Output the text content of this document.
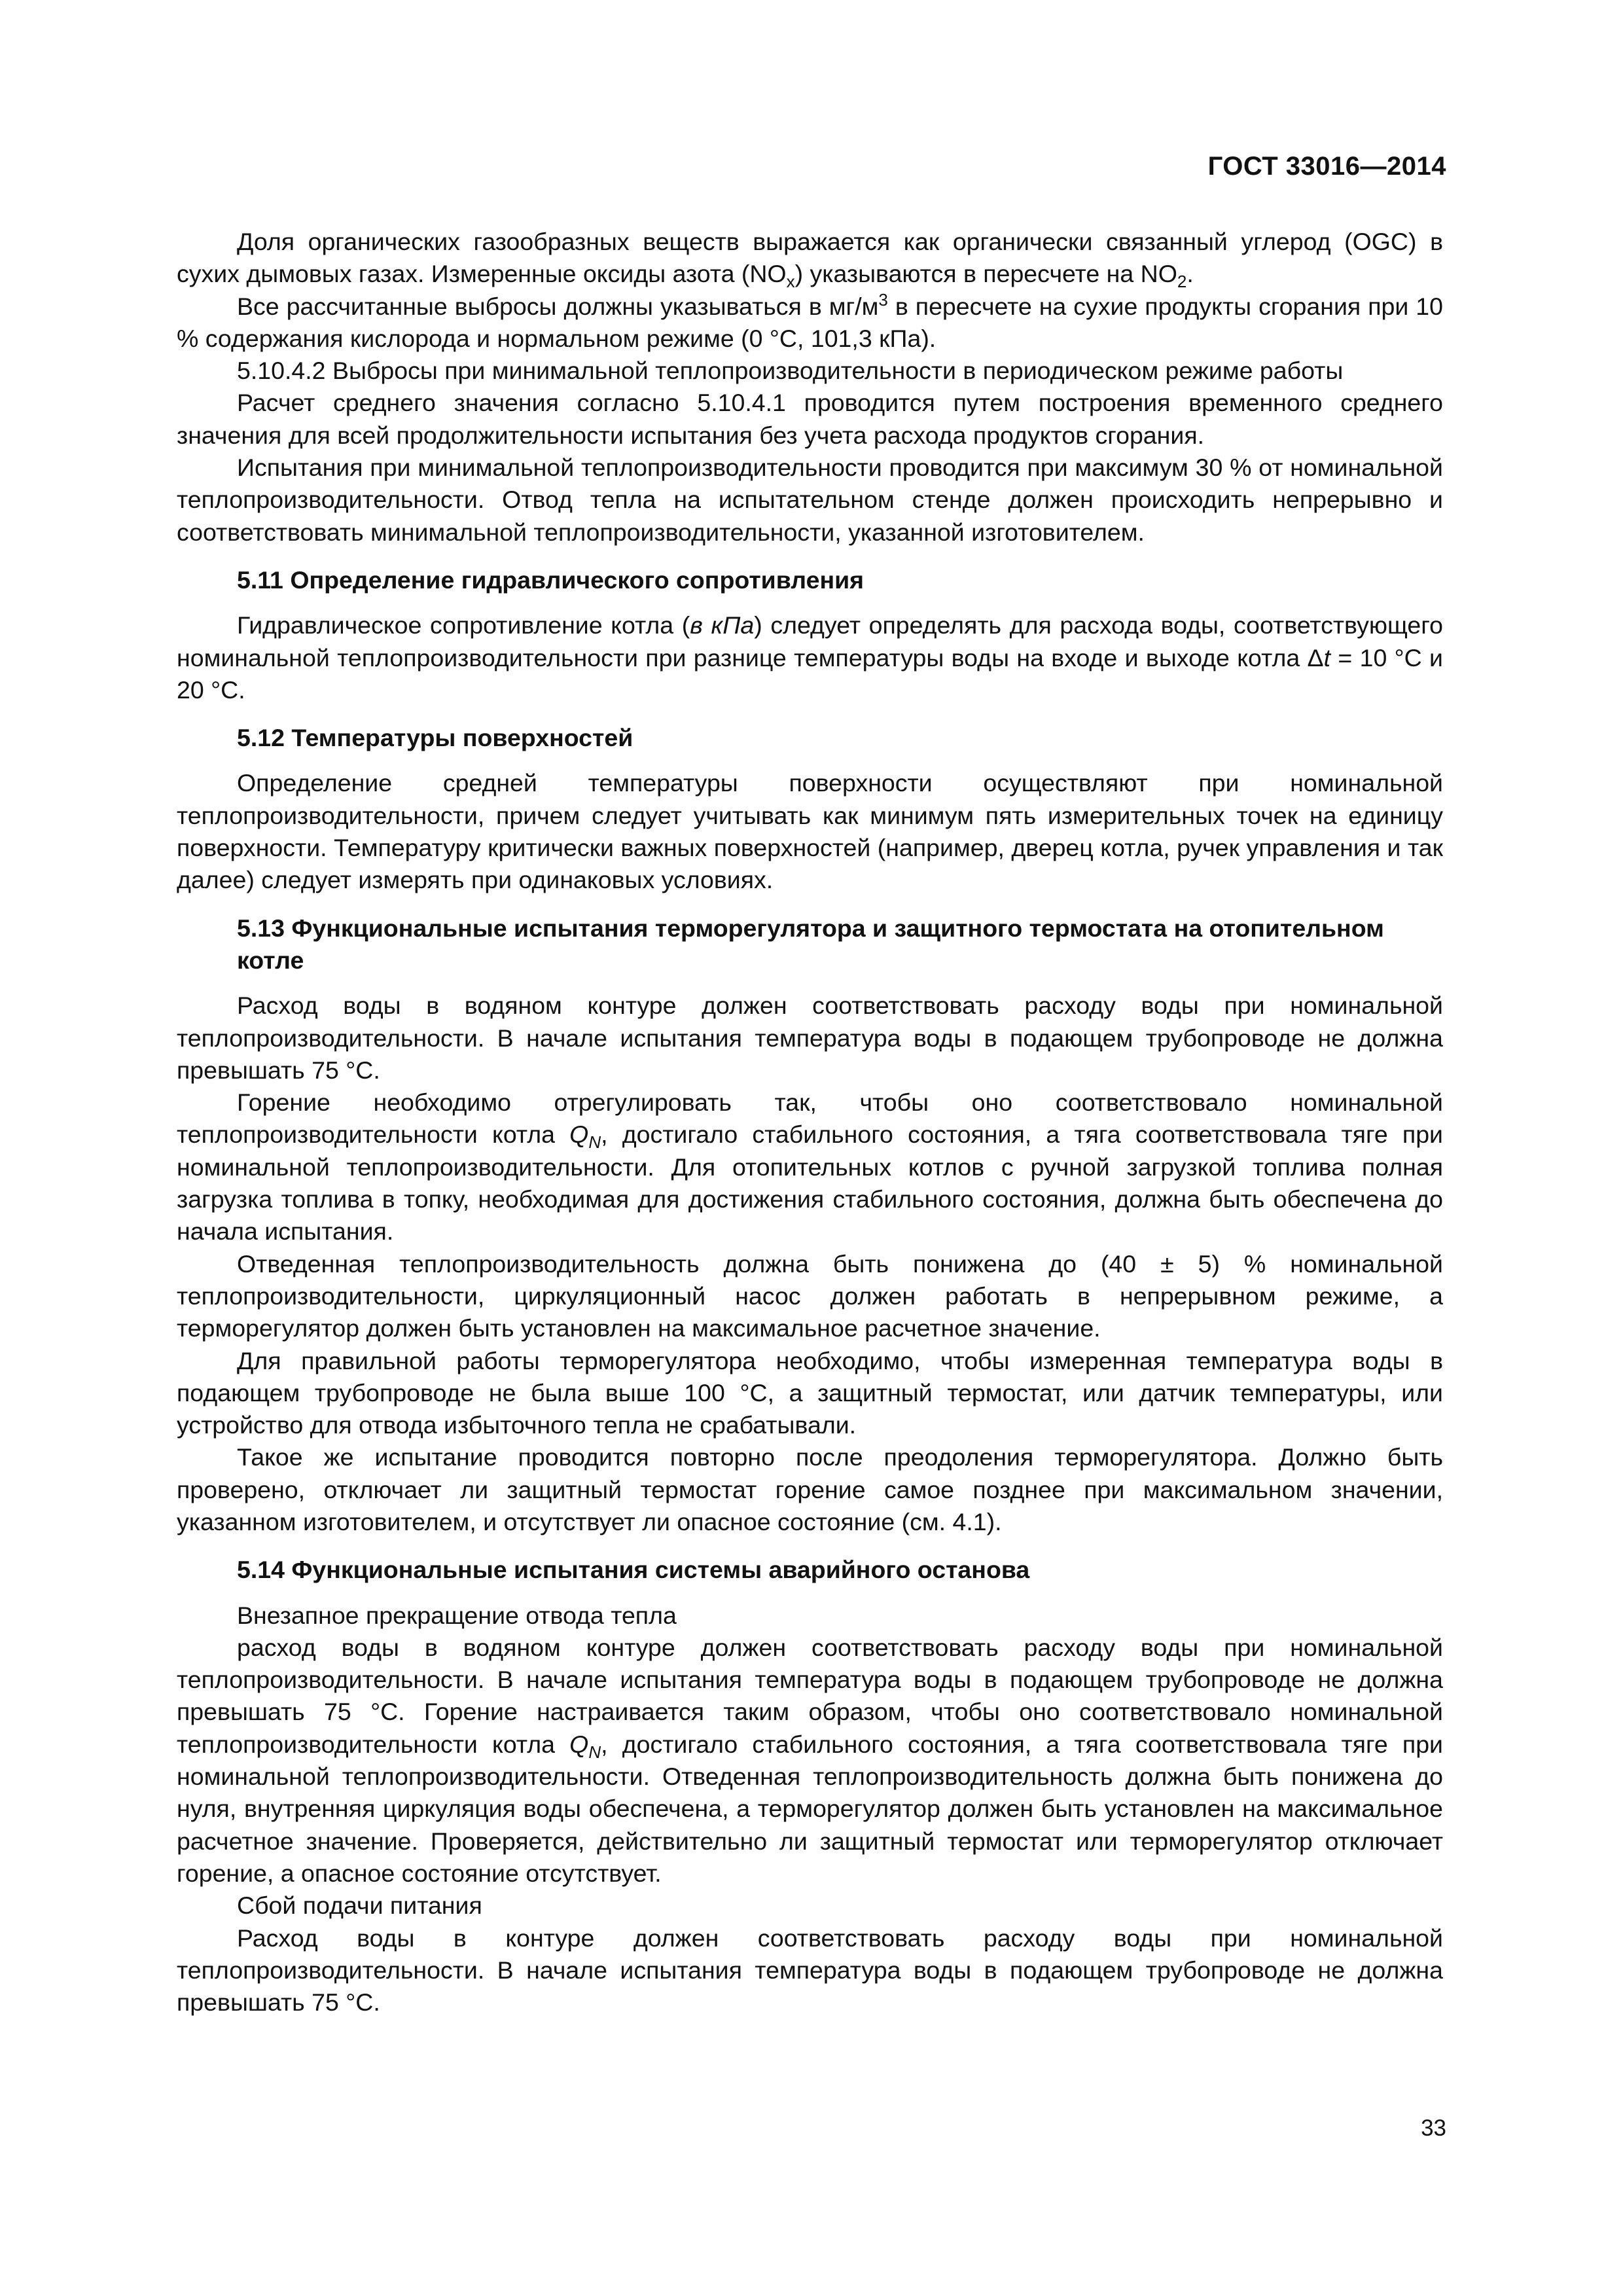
ГОСТ 33016—2014

Доля органических газообразных веществ выражается как органически связанный углерод (OGC) в сухих дымовых газах. Измеренные оксиды азота $(NO_x)$ указываются в пересчете на $NO_2$.

Все рассчитанные выбросы должны указываться в $мг/м^3$ в пересчете на сухие продукты сгорания при 10 % содержания кислорода и нормальном режиме (0 °С, 101,3 кПа).

5.10.4.2 Выбросы при минимальной теплопроизводительности в периодическом режиме работы

Расчет среднего значения согласно 5.10.4.1 проводится путем построения временного среднего значения для всей продолжительности испытания без учета расхода продуктов сгорания.

Испытания при минимальной теплопроизводительности проводится при максимум 30 % от номинальной теплопроизводительности. Отвод тепла на испытательном стенде должен происходить непрерывно и соответствовать минимальной теплопроизводительности, указанной изготовителем.

5.11 Определение гидравлического сопротивления

Гидравлическое сопротивление котла (в кПа) следует определять для расхода воды, соответствующего номинальной теплопроизводительности при разнице температуры воды на входе и выходе котла Δt = 10 °С и 20 °С.

5.12 Температуры поверхностей

Определение средней температуры поверхности осуществляют при номинальной теплопроизводительности, причем следует учитывать как минимум пять измерительных точек на единицу поверхности. Температуру критически важных поверхностей (например, дверец котла, ручек управления и так далее) следует измерять при одинаковых условиях.

5.13 Функциональные испытания терморегулятора и защитного термостата на отопительном котле

Расход воды в водяном контуре должен соответствовать расходу воды при номинальной теплопроизводительности. В начале испытания температура воды в подающем трубопроводе не должна превышать 75 °С.

Горение необходимо отрегулировать так, чтобы оно соответствовало номинальной теплопроизводительности котла $Q_N$, достигало стабильного состояния, а тяга соответствовала тяге при номинальной теплопроизводительности. Для отопительных котлов с ручной загрузкой топлива полная загрузка топлива в топку, необходимая для достижения стабильного состояния, должна быть обеспечена до начала испытания.

Отведенная теплопроизводительность должна быть понижена до (40 ± 5) % номинальной теплопроизводительности, циркуляционный насос должен работать в непрерывном режиме, а терморегулятор должен быть установлен на максимальное расчетное значение.

Для правильной работы терморегулятора необходимо, чтобы измеренная температура воды в подающем трубопроводе не была выше 100 °С, а защитный термостат, или датчик температуры, или устройство для отвода избыточного тепла не срабатывали.

Такое же испытание проводится повторно после преодоления терморегулятора. Должно быть проверено, отключает ли защитный термостат горение самое позднее при максимальном значении, указанном изготовителем, и отсутствует ли опасное состояние (см. 4.1).

5.14 Функциональные испытания системы аварийного останова

Внезапное прекращение отвода тепла

расход воды в водяном контуре должен соответствовать расходу воды при номинальной теплопроизводительности. В начале испытания температура воды в подающем трубопроводе не должна превышать 75 °С. Горение настраивается таким образом, чтобы оно соответствовало номинальной теплопроизводительности котла $Q_N$, достигало стабильного состояния, а тяга соответствовала тяге при номинальной теплопроизводительности. Отведенная теплопроизводительность должна быть понижена до нуля, внутренняя циркуляция воды обеспечена, а терморегулятор должен быть установлен на максимальное расчетное значение. Проверяется, действительно ли защитный термостат или терморегулятор отключает горение, а опасное состояние отсутствует.

Сбой подачи питания

Расход воды в контуре должен соответствовать расходу воды при номинальной теплопроизводительности. В начале испытания температура воды в подающем трубопроводе не должна превышать 75 °С.

33
